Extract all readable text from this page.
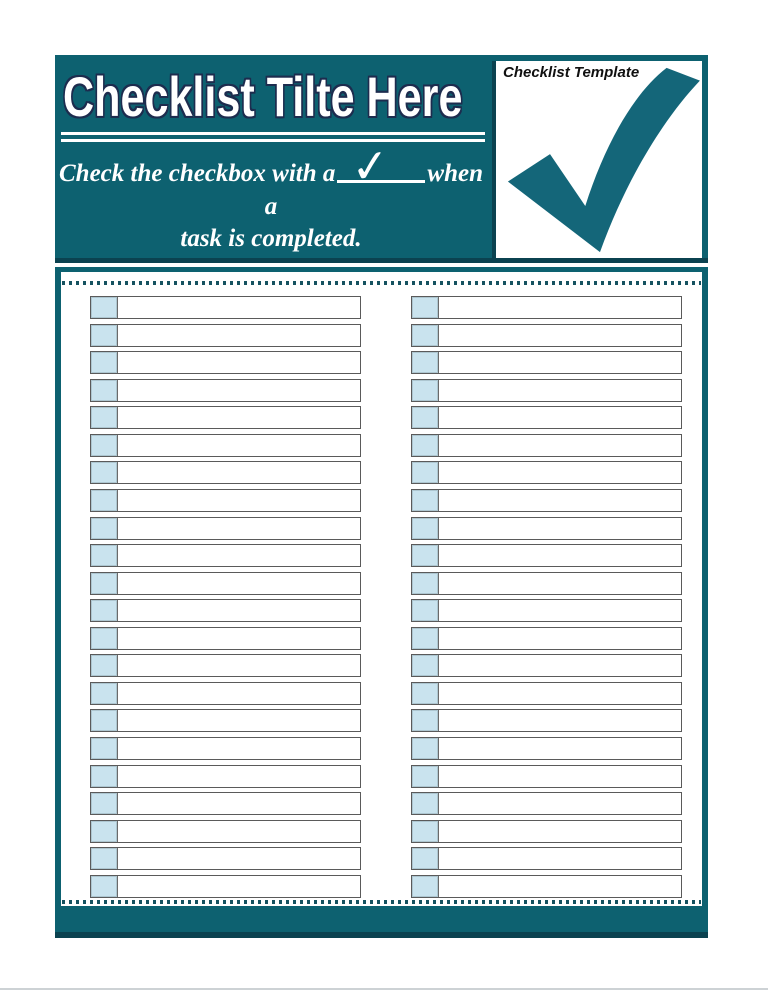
Checklist Tilte Here
Check the checkbox with a ✓ when a
task is completed.
Checklist Template
